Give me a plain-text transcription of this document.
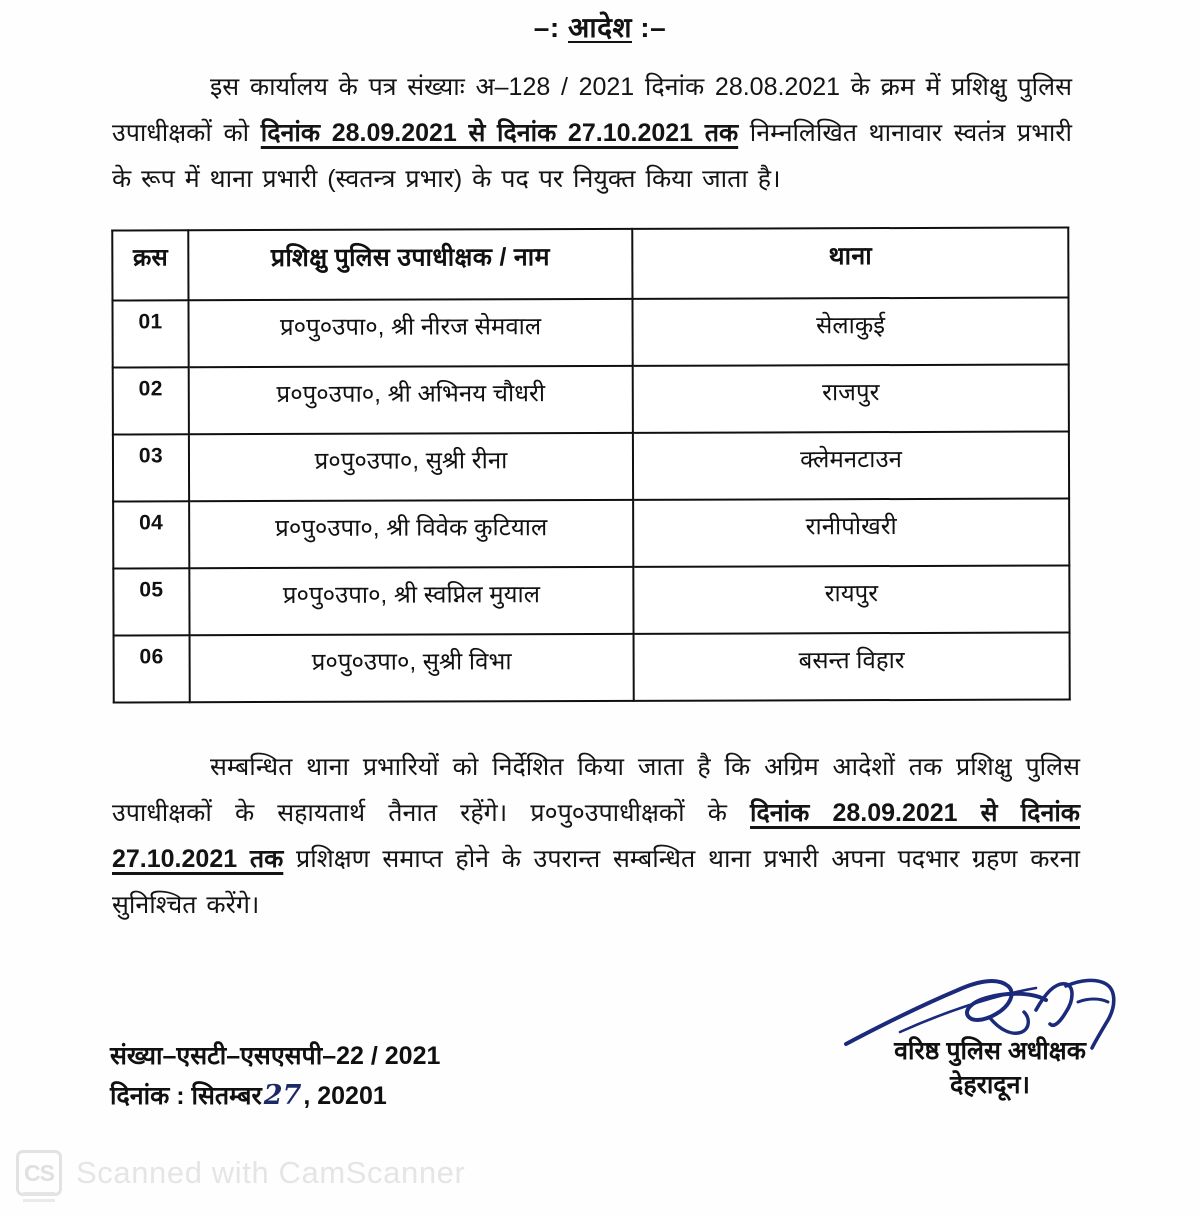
–: आदेश :–
इस कार्यालय के पत्र संख्याः अ–128 / 2021 दिनांक 28.08.2021 के क्रम में प्रशिक्षु पुलिस उपाधीक्षकों को दिनांक 28.09.2021 से दिनांक 27.10.2021 तक निम्नलिखित थानावार स्वतंत्र प्रभारी के रूप में थाना प्रभारी (स्वतन्त्र प्रभार) के पद पर नियुक्त किया जाता है।
क्रस	प्रशिक्षु पुलिस उपाधीक्षक / नाम	थाना

01	प्र०पु०उपा०, श्री नीरज सेमवाल	सेलाकुई

02	प्र०पु०उपा०, श्री अभिनय चौधरी	राजपुर

03	प्र०पु०उपा०, सुश्री रीना	क्लेमनटाउन

04	प्र०पु०उपा०, श्री विवेक कुटियाल	रानीपोखरी

05	प्र०पु०उपा०, श्री स्वप्निल मुयाल	रायपुर

06	प्र०पु०उपा०, सुश्री विभा	बसन्त विहार
सम्बन्धित थाना प्रभारियों को निर्देशित किया जाता है कि अग्रिम आदेशों तक प्रशिक्षु पुलिस उपाधीक्षकों के सहायतार्थ तैनात रहेंगे। प्र०पु०उपाधीक्षकों के दिनांक 28.09.2021 से दिनांक 27.10.2021 तक प्रशिक्षण समाप्त होने के उपरान्त सम्बन्धित थाना प्रभारी अपना पदभार ग्रहण करना सुनिश्चित करेंगे।
संख्या–एसटी–एसएसपी–22 / 2021
दिनांक : सितम्बर27, 20201
वरिष्ठ पुलिस अधीक्षक
देहरादून।
CS Scanned with CamScanner
